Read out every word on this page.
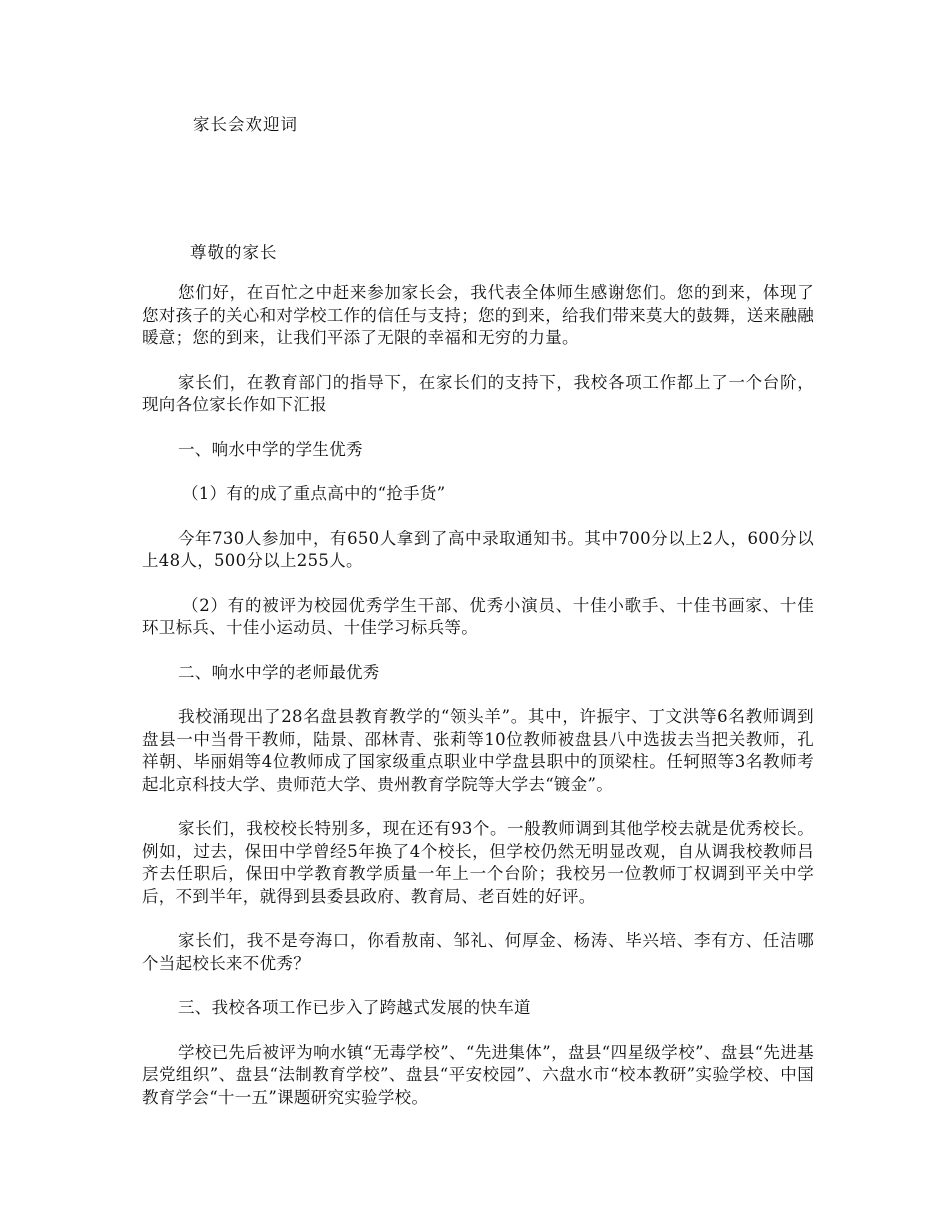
家长会欢迎词

尊敬的家长

您们好，在百忙之中赶来参加家长会，我代表全体师生感谢您们。您的到来，体现了您对孩子的关心和对学校工作的信任与支持；您的到来，给我们带来莫大的鼓舞，送来融融暖意；您的到来，让我们平添了无限的幸福和无穷的力量。

家长们，在教育部门的指导下，在家长们的支持下，我校各项工作都上了一个台阶，现向各位家长作如下汇报

一、响水中学的学生优秀

（1）有的成了重点高中的“抢手货”

今年730人参加中，有650人拿到了高中录取通知书。其中700分以上2人，600分以上48人，500分以上255人。

（2）有的被评为校园优秀学生干部、优秀小演员、十佳小歌手、十佳书画家、十佳环卫标兵、十佳小运动员、十佳学习标兵等。

二、响水中学的老师最优秀

我校涌现出了28名盘县教育教学的“领头羊”。其中，许振宇、丁文洪等6名教师调到盘县一中当骨干教师，陆景、邵林青、张莉等10位教师被盘县八中选拔去当把关教师，孔祥朝、毕丽娟等4位教师成了国家级重点职业中学盘县职中的顶梁柱。任轲照等3名教师考起北京科技大学、贵师范大学、贵州教育学院等大学去“镀金”。

家长们，我校校长特别多，现在还有93个。一般教师调到其他学校去就是优秀校长。例如，过去，保田中学曾经5年换了4个校长，但学校仍然无明显改观，自从调我校教师吕齐去任职后，保田中学教育教学质量一年上一个台阶；我校另一位教师丁权调到平关中学后，不到半年，就得到县委县政府、教育局、老百姓的好评。

家长们，我不是夸海口，你看敖南、邹礼、何厚金、杨涛、毕兴培、李有方、任洁哪个当起校长来不优秀？

三、我校各项工作已步入了跨越式发展的快车道

学校已先后被评为响水镇“无毒学校”、“先进集体”，盘县“四星级学校”、盘县“先进基层党组织”、盘县“法制教育学校”、盘县“平安校园”、六盘水市“校本教研”实验学校、中国教育学会“十一五”课题研究实验学校。
